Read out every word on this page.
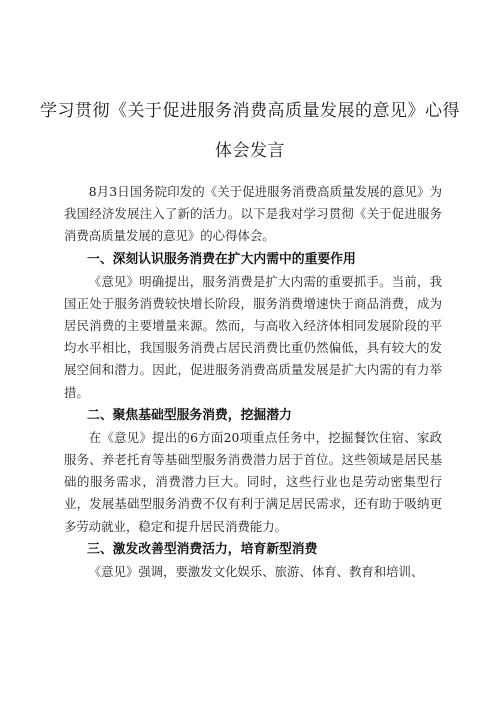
学习贯彻《关于促进服务消费高质量发展的意见》心得
体会发言

8月3日国务院印发的《关于促进服务消费高质量发展的意见》为我国经济发展注入了新的活力。以下是我对学习贯彻《关于促进服务消费高质量发展的意见》的心得体会。

一、深刻认识服务消费在扩大内需中的重要作用

《意见》明确提出，服务消费是扩大内需的重要抓手。当前，我国正处于服务消费较快增长阶段，服务消费增速快于商品消费，成为居民消费的主要增量来源。然而，与高收入经济体相同发展阶段的平均水平相比，我国服务消费占居民消费比重仍然偏低，具有较大的发展空间和潜力。因此，促进服务消费高质量发展是扩大内需的有力举措。

二、聚焦基础型服务消费，挖掘潜力

在《意见》提出的6方面20项重点任务中，挖掘餐饮住宿、家政服务、养老托育等基础型服务消费潜力居于首位。这些领域是居民基础的服务需求，消费潜力巨大。同时，这些行业也是劳动密集型行业，发展基础型服务消费不仅有利于满足居民需求，还有助于吸纳更多劳动就业，稳定和提升居民消费能力。

三、激发改善型消费活力，培育新型消费

《意见》强调，要激发文化娱乐、旅游、体育、教育和培训、
